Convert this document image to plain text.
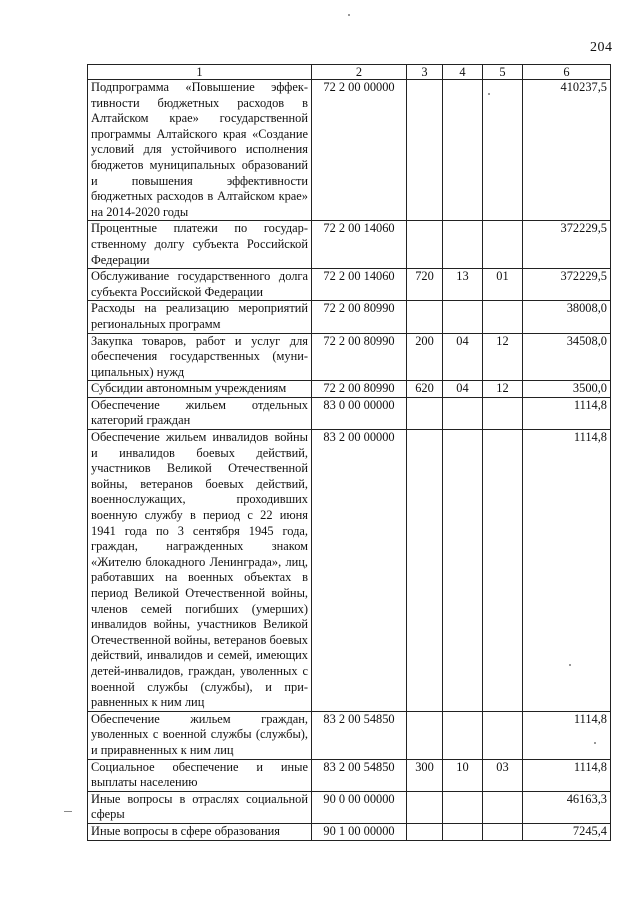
204
1	2	3	4	5	6
Подпрограмма «Повышение эффективности бюджетных расходов в Алтайском крае» государственной программы Алтайского края «Создание условий для устойчивого исполнения бюджетов муниципальных образований и повышения эффективности бюджетных расходов в Алтайском крае» на 2014-2020 годы	72 2 00 00000				410237,5
Процентные платежи по государственному долгу субъекта Российской Федерации	72 2 00 14060				372229,5
Обслуживание государственного долга субъекта Российской Федерации	72 2 00 14060	720	13	01	372229,5
Расходы на реализацию мероприятий региональных программ	72 2 00 80990				38008,0
Закупка товаров, работ и услуг для обеспечения государственных (муниципальных) нужд	72 2 00 80990	200	04	12	34508,0
Субсидии автономным учреждениям	72 2 00 80990	620	04	12	3500,0
Обеспечение жильем отдельных категорий граждан	83 0 00 00000				1114,8
Обеспечение жильем инвалидов войны и инвалидов боевых действий, участников Великой Отечественной войны, ветеранов боевых действий, военнослужащих, проходивших военную службу в период с 22 июня 1941 года по 3 сентября 1945 года, граждан, награжденных знаком «Жителю блокадного Ленинграда», лиц, работавших на военных объектах в период Великой Отечественной войны, членов семей погибших (умерших) инвалидов войны, участников Великой Отечественной войны, ветеранов боевых действий, инвалидов и семей, имеющих детей-инвалидов, граждан, уволенных с военной службы (службы), и приравненных к ним лиц	83 2 00 00000				1114,8
Обеспечение жильем граждан, уволенных с военной службы (службы), и приравненных к ним лиц	83 2 00 54850				1114,8
Социальное обеспечение и иные выплаты населению	83 2 00 54850	300	10	03	1114,8
Иные вопросы в отраслях социальной сферы	90 0 00 00000				46163,3
Иные вопросы в сфере образования	90 1 00 00000				7245,4
